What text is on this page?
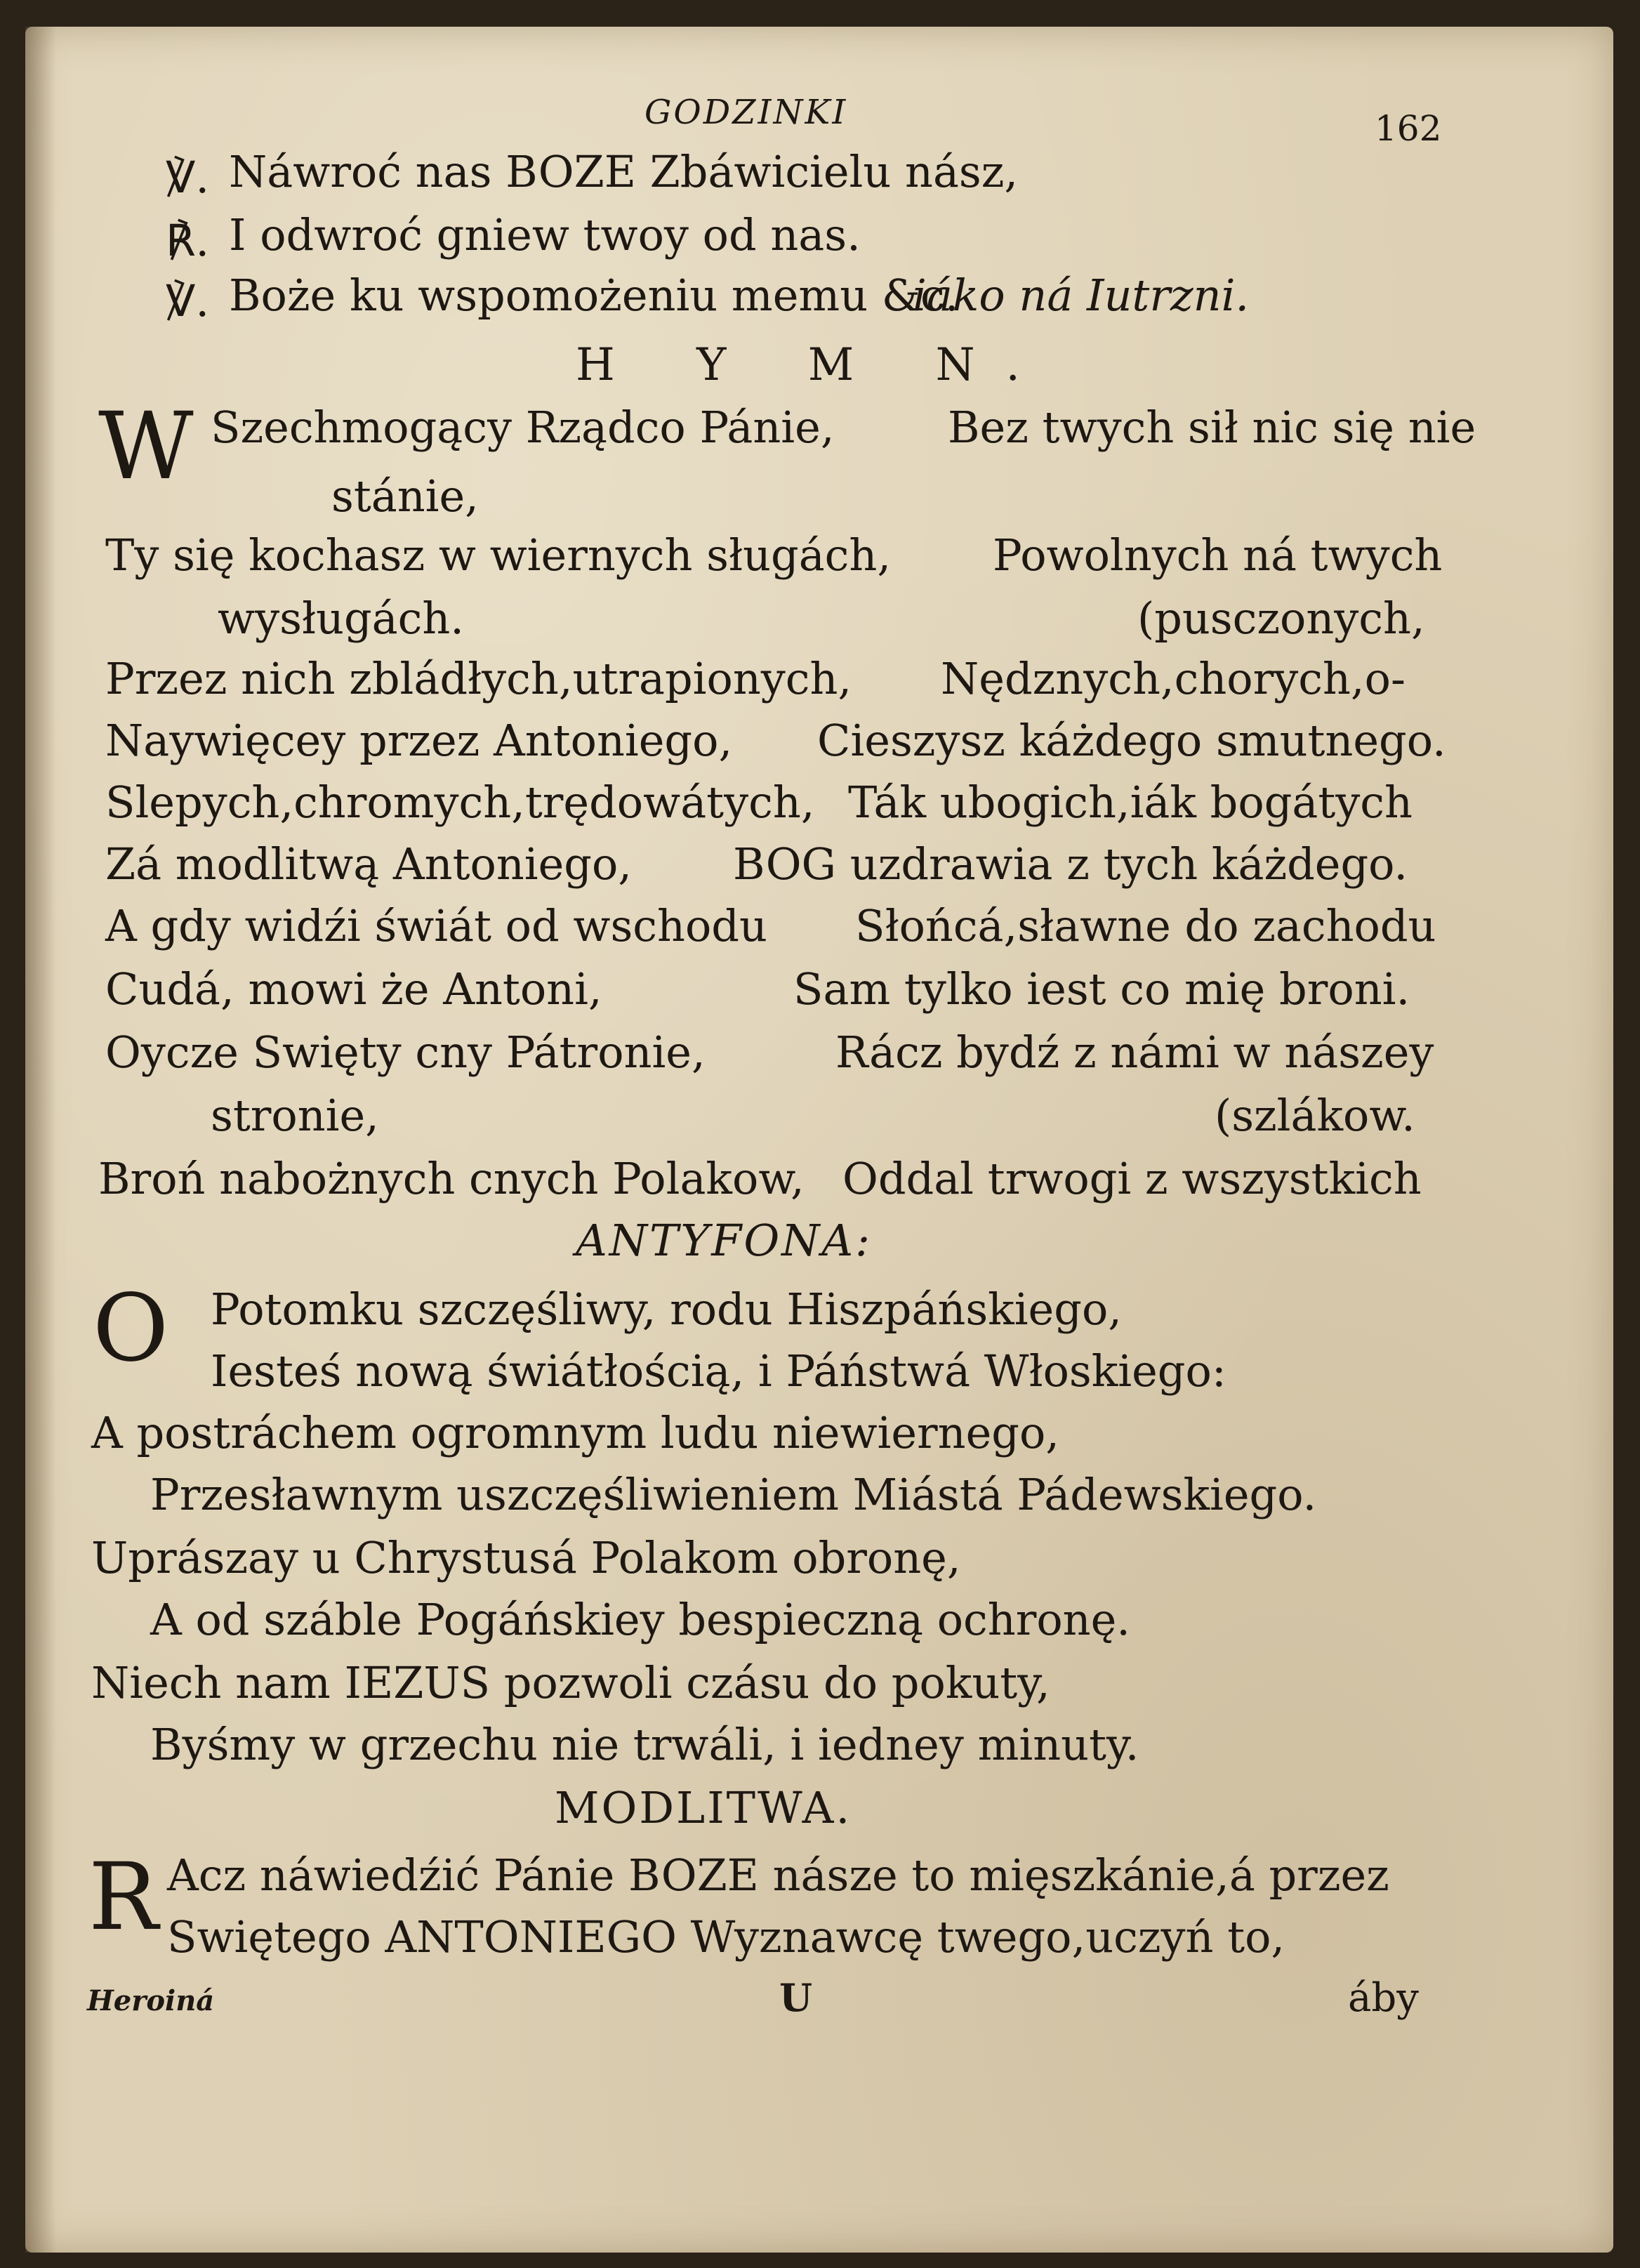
GODZINKI	162

℣. Náwroć nas BOZE Zbáwicielu nász,
℟. I odwroć gniew twoy od nas.
℣. Boże ku wspomożeniu memu &c.
iáko ná Iutrzni.

H Y M N.

W Szechmogący Rządco Pánie,	Bez twych sił nic się nie
stánie,
Ty się kochasz w wiernych sługách, Powolnych ná twych
wysługách.	(pusczonych,
Przez nich zbládłych,utrapionych, Nędznych,chorych,o-
Naywięcey przez Antoniego, Cieszysz káżdego smutnego.
Slepych,chromych,trędowátych, Ták ubogich,iák bogátych
Zá modlitwą Antoniego, BOG uzdrawia z tych káżdego.
A gdy widźi świát od wschodu Słońcá,sławne do zachodu
Cudá, mowi że Antoni,	Sam tylko iest co mię broni.
Oycze Swięty cny Pátronie,	Rácz bydź z námi w nászey
stronie,	(szlákow.
Broń nabożnych cnych Polakow, Oddal trwogi z wszystkich

ANTYFONA:

O Potomku szczęśliwy, rodu Hiszpáńskiego,
Iesteś nową świátłością, i Páństwá Włoskiego:
A postráchem ogromnym ludu niewiernego,
Przesławnym uszczęśliwieniem Miástá Pádewskiego.
Uprászay u Chrystusá Polakom obronę,
A od száble Pogáńskiey bespieczną ochronę.
Niech nam IEZUS pozwoli czásu do pokuty,
Byśmy w grzechu nie trwáli, i iedney minuty.

MODLITWA.

R Acz náwiedźić Pánie BOZE násze to mięszkánie,á przez
Swiętego ANTONIEGO Wyznawcę twego,uczyń to,
Heroiná	U	áby
